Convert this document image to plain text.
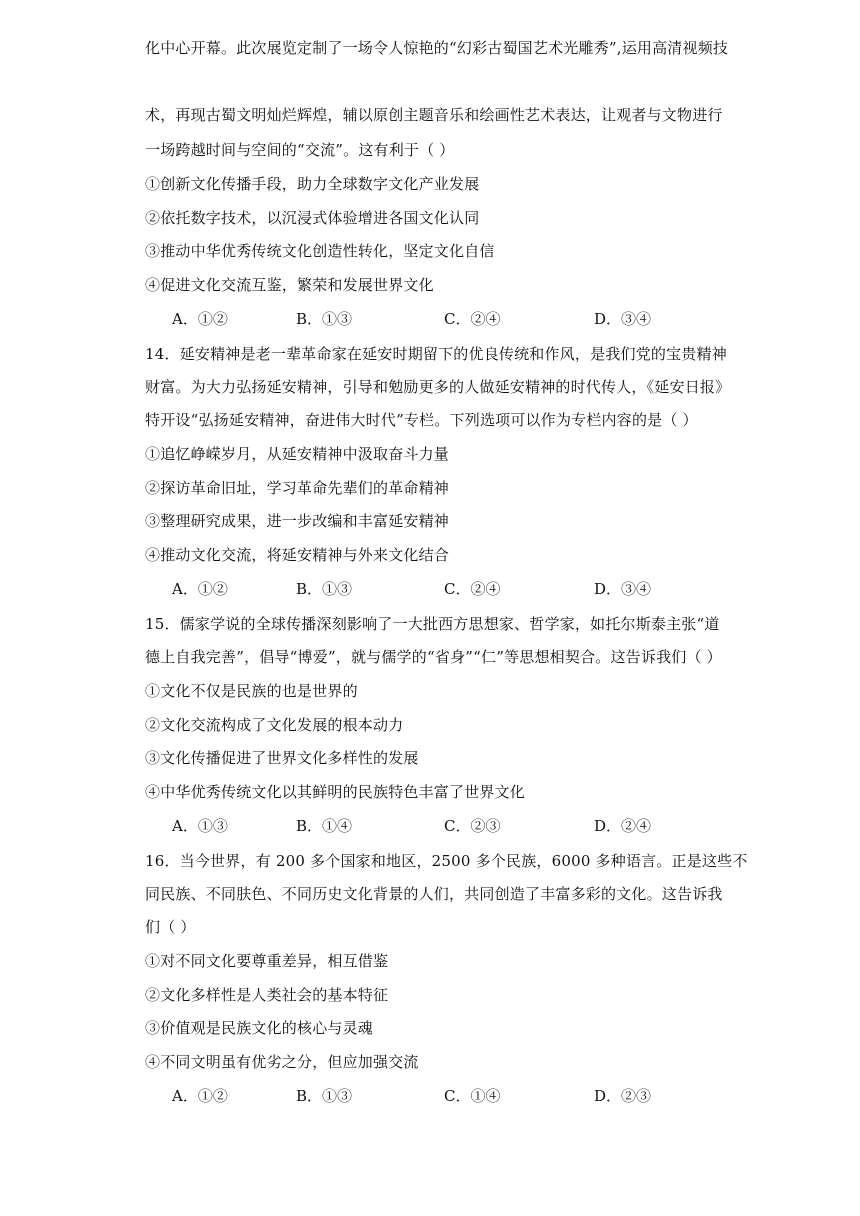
化中心开幕。此次展览定制了一场令人惊艳的“幻彩古蜀国艺术光雕秀”,运用高清视频技
术，再现古蜀文明灿烂辉煌，辅以原创主题音乐和绘画性艺术表达，让观者与文物进行
一场跨越时间与空间的“交流”。这有利于（ ）
①创新文化传播手段，助力全球数字文化产业发展
②依托数字技术，以沉浸式体验增进各国文化认同
③推动中华优秀传统文化创造性转化，坚定文化自信
④促进文化交流互鉴，繁荣和发展世界文化
A．①②	B．①③	C．②④	D．③④
14．延安精神是老一辈革命家在延安时期留下的优良传统和作风，是我们党的宝贵精神
财富。为大力弘扬延安精神，引导和勉励更多的人做延安精神的时代传人，《延安日报》
特开设“弘扬延安精神，奋进伟大时代”专栏。下列选项可以作为专栏内容的是（ ）
①追忆峥嵘岁月，从延安精神中汲取奋斗力量
②探访革命旧址，学习革命先辈们的革命精神
③整理研究成果，进一步改编和丰富延安精神
④推动文化交流，将延安精神与外来文化结合
A．①②	B．①③	C．②④	D．③④
15．儒家学说的全球传播深刻影响了一大批西方思想家、哲学家，如托尔斯泰主张“道
德上自我完善”，倡导“博爱”，就与儒学的“省身”“仁”等思想相契合。这告诉我们（ ）
①文化不仅是民族的也是世界的
②文化交流构成了文化发展的根本动力
③文化传播促进了世界文化多样性的发展
④中华优秀传统文化以其鲜明的民族特色丰富了世界文化
A．①③	B．①④	C．②③	D．②④
16．当今世界，有 200 多个国家和地区，2500 多个民族，6000 多种语言。正是这些不
同民族、不同肤色、不同历史文化背景的人们，共同创造了丰富多彩的文化。这告诉我
们（ ）
①对不同文化要尊重差异，相互借鉴
②文化多样性是人类社会的基本特征
③价值观是民族文化的核心与灵魂
④不同文明虽有优劣之分，但应加强交流
A．①②	B．①③	C．①④	D．②③
